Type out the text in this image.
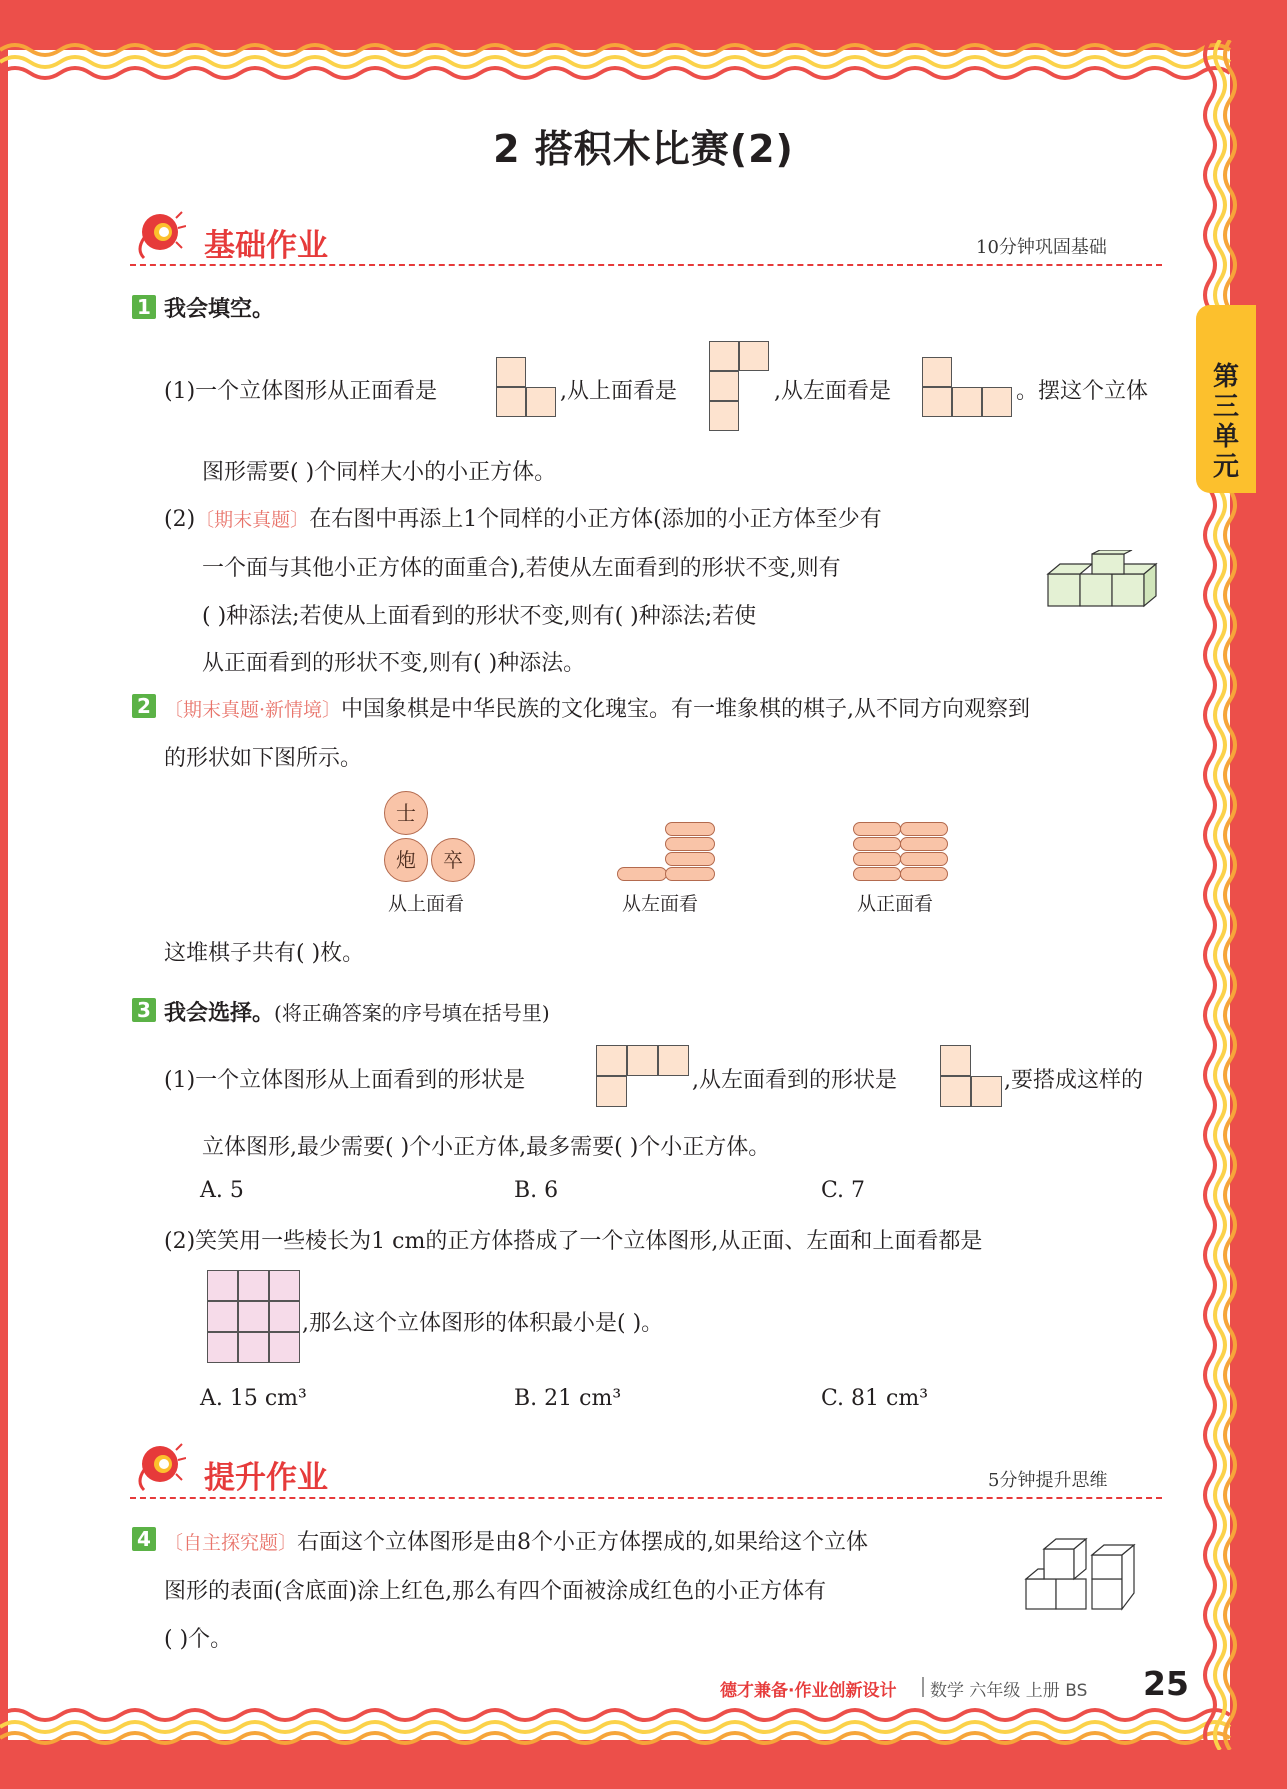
2 搭积木比赛(2)
第三单元
基础作业	10分钟巩固基础
1 我会填空。
(1)一个立体图形从正面看是	,从上面看是	,从左面看是	。摆这个立体
图形需要( )个同样大小的小正方体。
(2)〔期末真题〕在右图中再添上1个同样的小正方体(添加的小正方体至少有
一个面与其他小正方体的面重合),若使从左面看到的形状不变,则有
( )种添法;若使从上面看到的形状不变,则有( )种添法;若使
从正面看到的形状不变,则有( )种添法。
2 〔期末真题·新情境〕中国象棋是中华民族的文化瑰宝。有一堆象棋的棋子,从不同方向观察到
的形状如下图所示。
士
炮	卒
从上面看	从左面看	从正面看
这堆棋子共有( )枚。
3 我会选择。(将正确答案的序号填在括号里)
(1)一个立体图形从上面看到的形状是	,从左面看到的形状是	,要搭成这样的
立体图形,最少需要( )个小正方体,最多需要( )个小正方体。
A. 5	B. 6	C. 7
(2)笑笑用一些棱长为1 cm的正方体搭成了一个立体图形,从正面、左面和上面看都是
,那么这个立体图形的体积最小是( )。
A. 15 cm³	B. 21 cm³	C. 81 cm³
提升作业	5分钟提升思维
4 〔自主探究题〕右面这个立体图形是由8个小正方体摆成的,如果给这个立体
图形的表面(含底面)涂上红色,那么有四个面被涂成红色的小正方体有
( )个。
德才兼备·作业创新设计 数学 六年级 上册 BS 25
